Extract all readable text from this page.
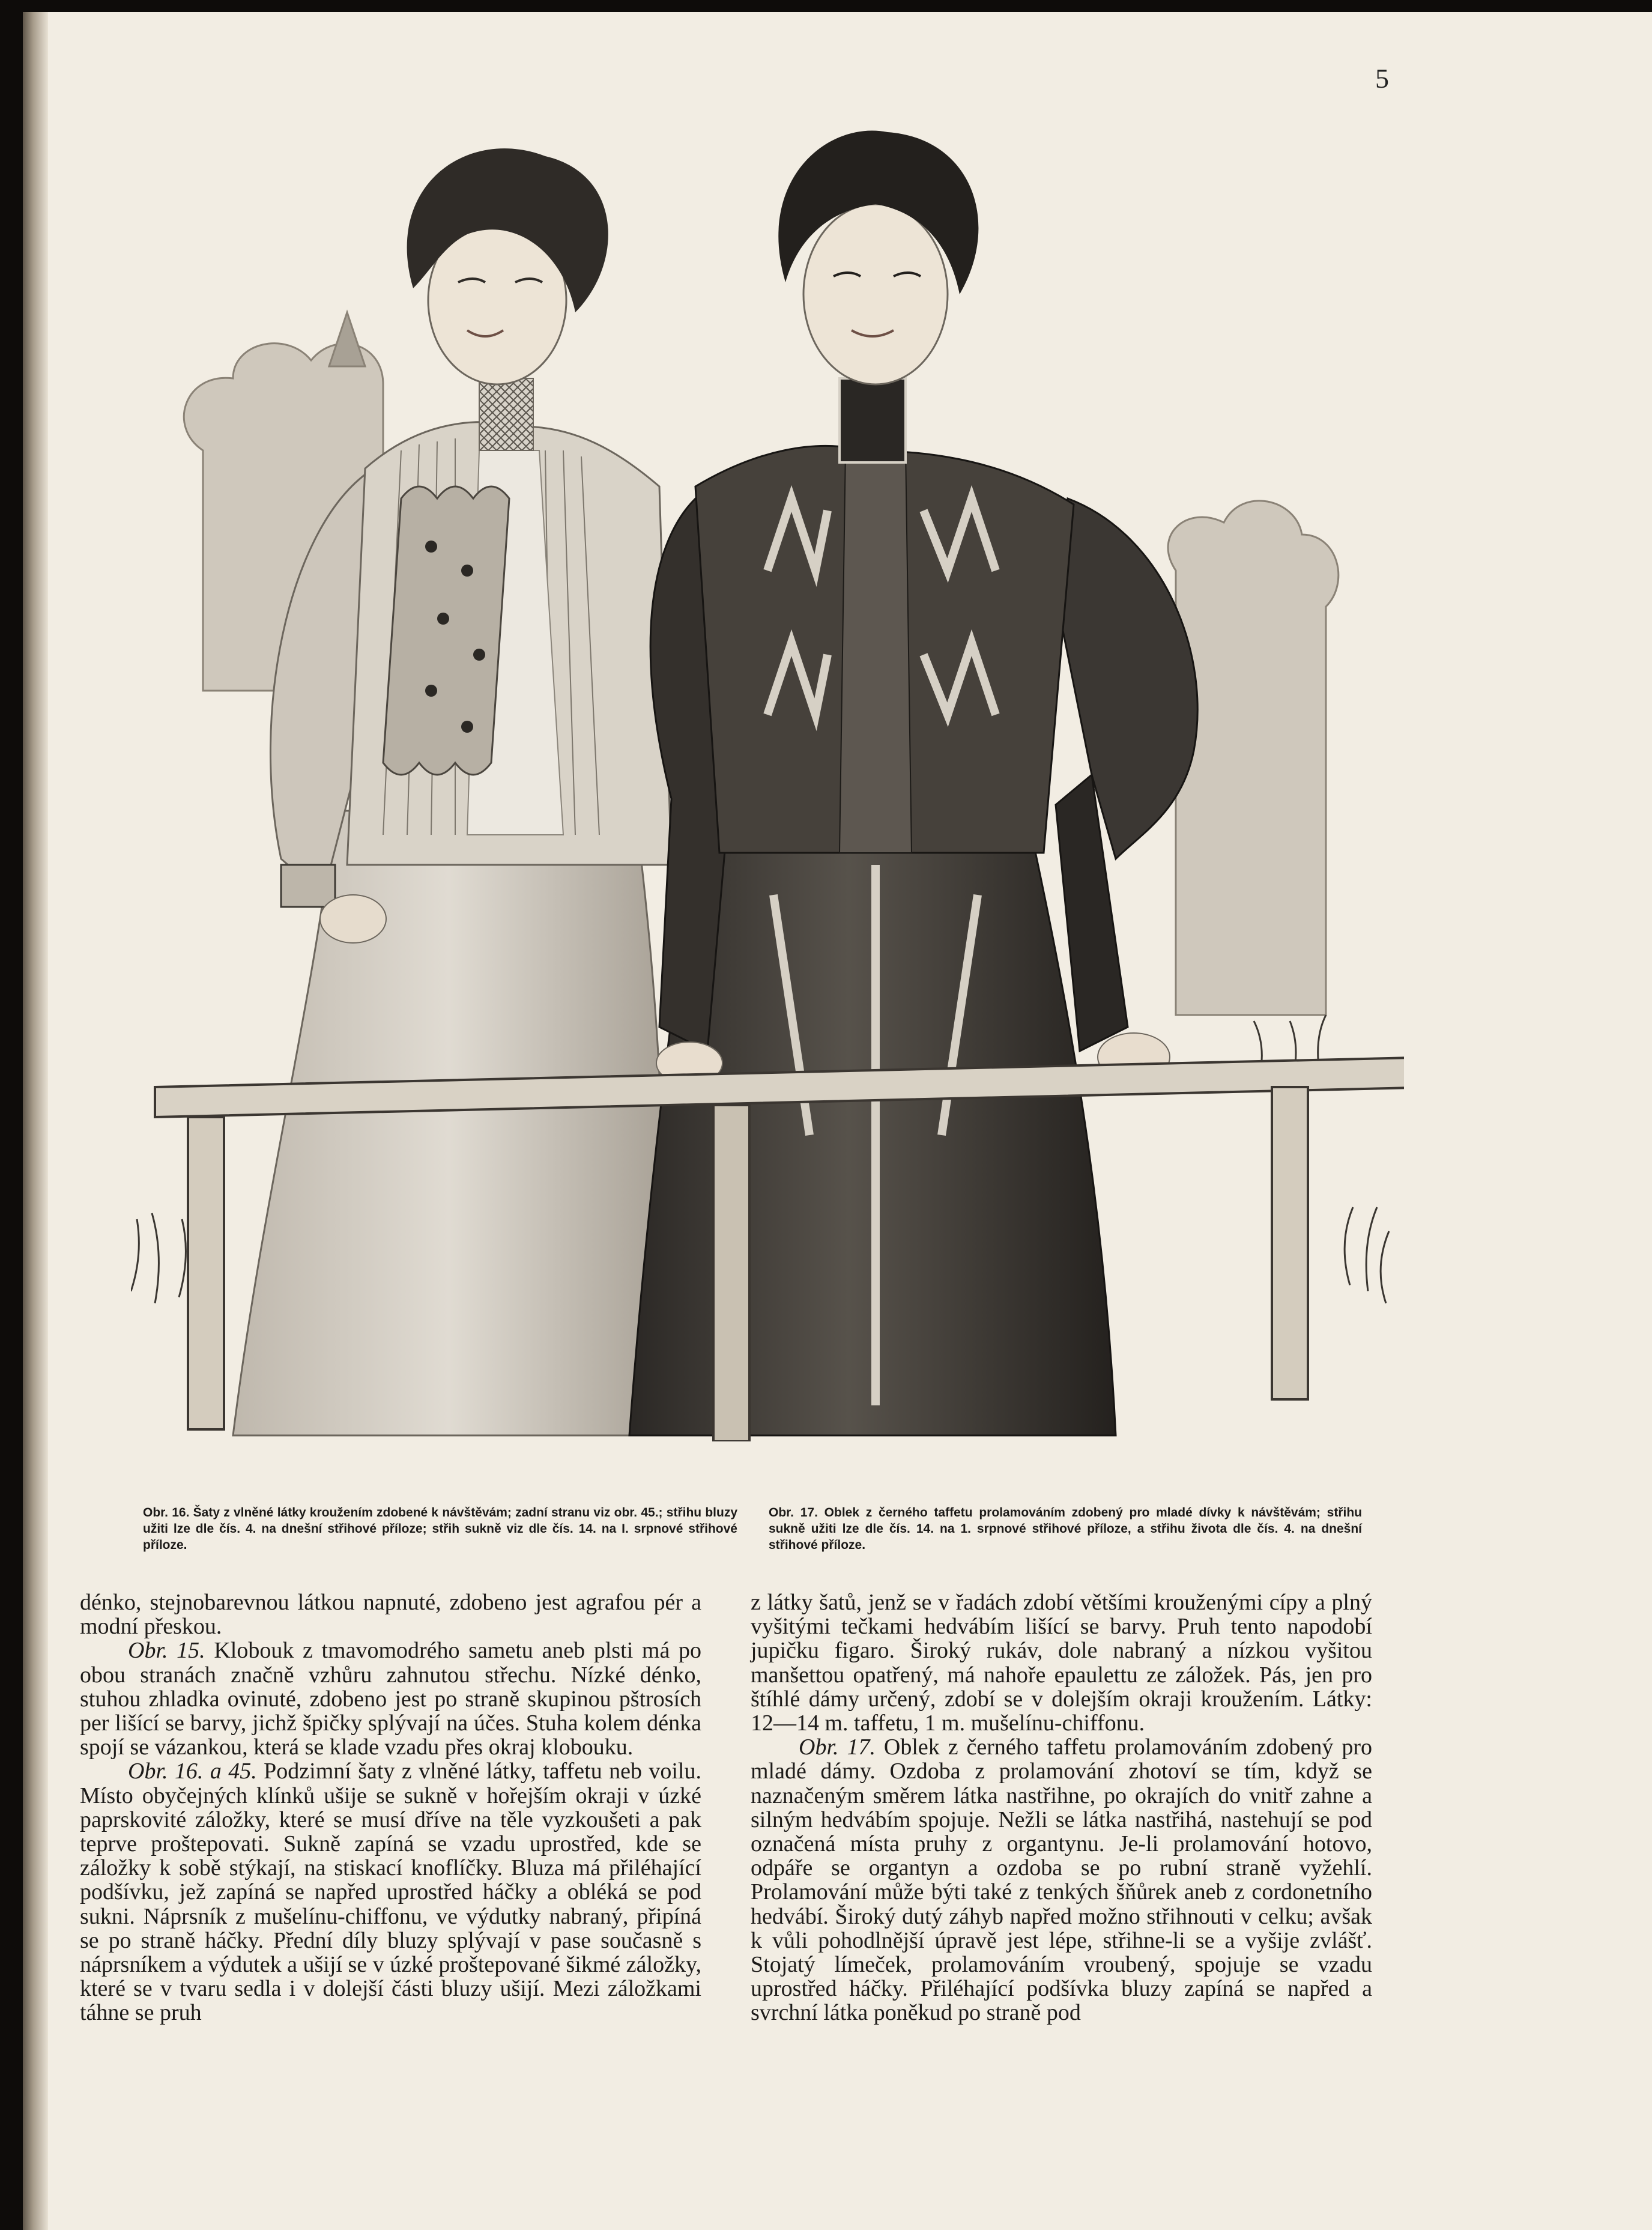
5
Obr. 16. Šaty z vlněné látky kroužením zdobené k návštěvám; zadní stranu viz obr. 45.; střihu bluzy užiti lze dle čís. 4. na dnešní střihové příloze; střih sukně viz dle čís. 14. na I. srpnové střihové příloze.
Obr. 17. Oblek z černého taffetu prolamováním zdobený pro mladé dívky k návštěvám; střihu sukně užiti lze dle čís. 14. na 1. srpnové střihové příloze, a střihu života dle čís. 4. na dnešní střihové příloze.

dénko, stejnobarevnou látkou napnuté, zdobeno jest agrafou pér a modní přeskou.

Obr. 15. Klobouk z tmavomodrého sametu aneb plsti má po obou stranách značně vzhůru zahnutou střechu. Nízké dénko, stuhou zhladka ovinuté, zdobeno jest po straně skupinou pštrosích per lišící se barvy, jichž špičky splývají na účes. Stuha kolem dénka spojí se vázankou, která se klade vzadu přes okraj klobouku.

Obr. 16. a 45. Podzimní šaty z vlněné látky, taffetu neb voilu. Místo obyčejných klínků ušije se sukně v hořejším okraji v úzké paprskovité záložky, které se musí dříve na těle vyzkoušeti a pak teprve proštepovati. Sukně zapíná se vzadu uprostřed, kde se záložky k sobě stýkají, na stiskací knoflíčky. Bluza má přiléhající podšívku, jež zapíná se napřed uprostřed háčky a obléká se pod sukni. Náprsník z mušelínu-chiffonu, ve výdutky nabraný, připíná se po straně háčky. Přední díly bluzy splývají v pase současně s náprsníkem a výdutek a ušijí se v úzké proštepované šikmé záložky, které se v tvaru sedla i v dolejší části bluzy ušijí. Mezi záložkami táhne se pruh

z látky šatů, jenž se v řadách zdobí většími krouženými cípy a plný vyšitými tečkami hedvábím lišící se barvy. Pruh tento napodobí jupičku figaro. Široký rukáv, dole nabraný a nízkou vyšitou manšettou opatřený, má nahoře epaulettu ze záložek. Pás, jen pro štíhlé dámy určený, zdobí se v dolejším okraji kroužením. Látky: 12—14 m. taffetu, 1 m. mušelínu-chiffonu.

Obr. 17. Oblek z černého taffetu prolamováním zdobený pro mladé dámy. Ozdoba z prolamování zhotoví se tím, když se naznačeným směrem látka nastřihne, po okrajích do vnitř zahne a silným hedvábím spojuje. Nežli se látka nastřihá, nastehují se pod označená místa pruhy z organtynu. Je-li prolamování hotovo, odpáře se organtyn a ozdoba se po rubní straně vyžehlí. Prolamování může býti také z tenkých šňůrek aneb z cordonetního hedvábí. Široký dutý záhyb napřed možno střihnouti v celku; avšak k vůli pohodlnější úpravě jest lépe, střihne-li se a vyšije zvlášť. Stojatý límeček, prolamováním vroubený, spojuje se vzadu uprostřed háčky. Přiléhající podšívka bluzy zapíná se napřed a svrchní látka poněkud po straně pod
